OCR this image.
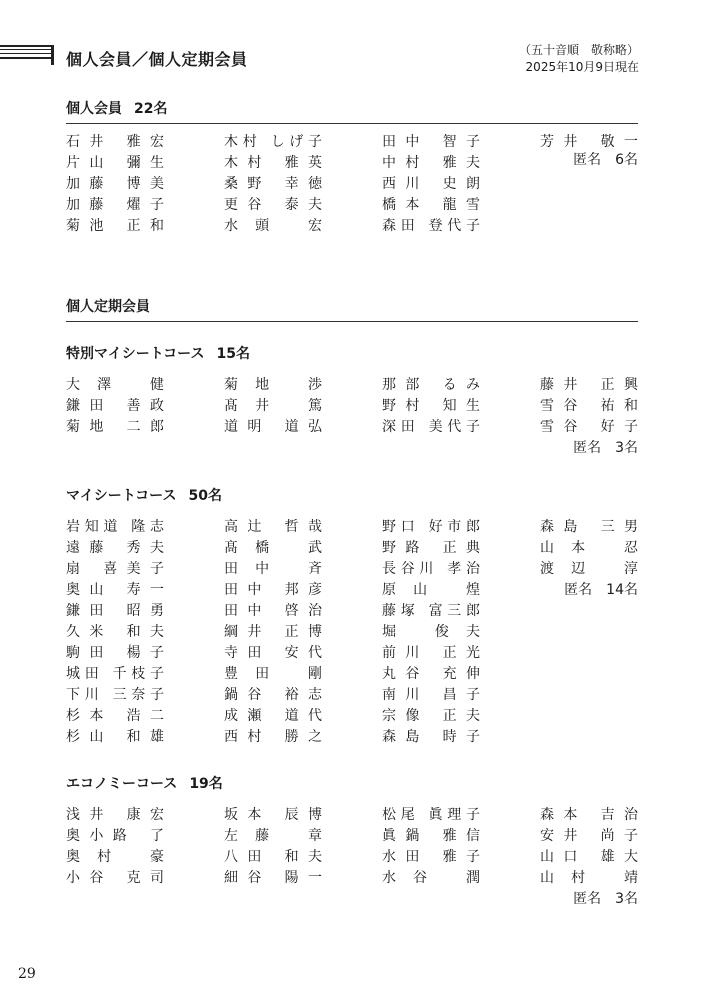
個人会員／個人定期会員	（五十音順　敬称略）
2025年10月9日現在
個人会員 22名
石井 雅宏	木村 しげ子	田中 智子	芳井 敬一
片山 彌生	木村 雅英	中村 雅夫
加藤 博美	桑野 幸徳	西川 史朗
加藤 燿子	更谷 泰夫	橋本 龍雪
菊池 正和	水頭 宏	森田 登代子
匿名　6名
個人定期会員
特別マイシートコース 15名
大澤 健	菊地 渉	那部 るみ	藤井 正興
鎌田 善政	髙井 篤	野村 知生	雪谷 祐和
菊地 二郎	道明 道弘	深田 美代子	雪谷 好子
匿名　3名
マイシートコース 50名
岩知道 隆志	高辻 哲哉	野口 好市郎	森島 三男
遠藤 秀夫	髙橋 武	野路 正典	山本 忍
扇 喜美子	田中 斉	長谷川 孝治	渡辺 淳
奥山 寿一	田中 邦彦	原山 煌
鎌田 昭勇	田中 啓治	藤塚 富三郎
久米 和夫	綱井 正博	堀 俊夫
駒田 楊子	寺田 安代	前川 正光
城田 千枝子	豊田 剛	丸谷 充伸
下川 三奈子	鍋谷 裕志	南川 昌子
杉本 浩二	成瀬 道代	宗像 正夫
杉山 和雄	西村 勝之	森島 時子
匿名　14名
エコノミーコース 19名
浅井 康宏	坂本 辰博	松尾 眞理子	森本 吉治
奥小路 了	左藤 章	眞鍋 雅信	安井 尚子
奥村 豪	八田 和夫	水田 雅子	山口 雄大
小谷 克司	細谷 陽一	水谷 潤	山村 靖
匿名　3名
29
